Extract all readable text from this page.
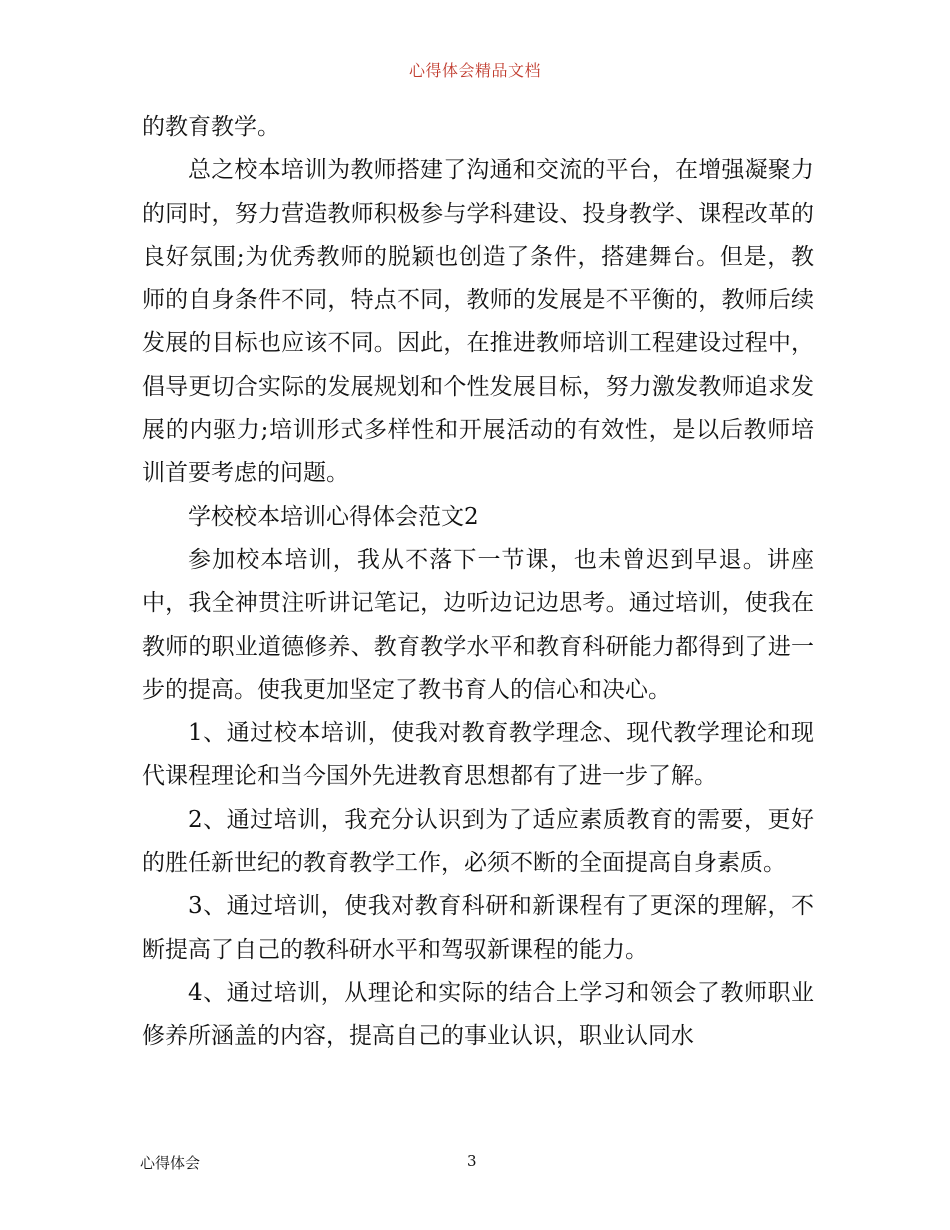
心得体会精品文档

的教育教学。

总之校本培训为教师搭建了沟通和交流的平台，在增强凝聚力的同时，努力营造教师积极参与学科建设、投身教学、课程改革的良好氛围;为优秀教师的脱颖也创造了条件，搭建舞台。但是，教师的自身条件不同，特点不同，教师的发展是不平衡的，教师后续发展的目标也应该不同。因此，在推进教师培训工程建设过程中，倡导更切合实际的发展规划和个性发展目标，努力激发教师追求发展的内驱力;培训形式多样性和开展活动的有效性，是以后教师培训首要考虑的问题。

学校校本培训心得体会范文2

参加校本培训，我从不落下一节课，也未曾迟到早退。讲座中，我全神贯注听讲记笔记，边听边记边思考。通过培训，使我在教师的职业道德修养、教育教学水平和教育科研能力都得到了进一步的提高。使我更加坚定了教书育人的信心和决心。

1、通过校本培训，使我对教育教学理念、现代教学理论和现代课程理论和当今国外先进教育思想都有了进一步了解。

2、通过培训，我充分认识到为了适应素质教育的需要，更好的胜任新世纪的教育教学工作，必须不断的全面提高自身素质。

3、通过培训，使我对教育科研和新课程有了更深的理解，不断提高了自己的教科研水平和驾驭新课程的能力。

4、通过培训，从理论和实际的结合上学习和领会了教师职业修养所涵盖的内容，提高自己的事业认识，职业认同水

心得体会	3
